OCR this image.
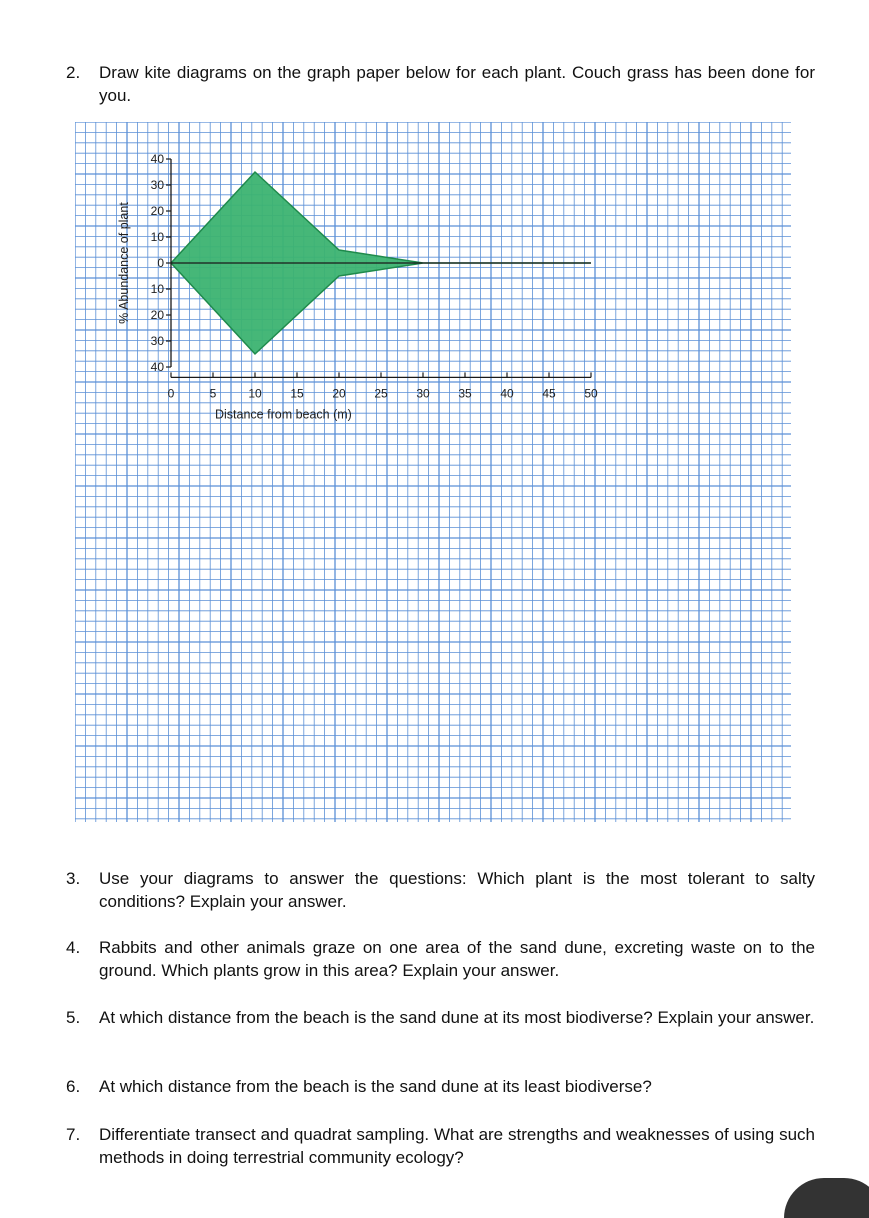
2. Draw kite diagrams on the graph paper below for each plant. Couch grass has been done for you.
40
30
20
10
0
10
20
30
40
% Abundance of plant
0	5	10 15 20 25 30 35 40 45 50
Distance from beach (m)
3. Use your diagrams to answer the questions: Which plant is the most tolerant to salty conditions? Explain your answer.
4. Rabbits and other animals graze on one area of the sand dune, excreting waste on to the ground. Which plants grow in this area? Explain your answer.
5. At which distance from the beach is the sand dune at its most biodiverse? Explain your answer.
6. At which distance from the beach is the sand dune at its least biodiverse?
7. Differentiate transect and quadrat sampling. What are strengths and weaknesses of using such methods in doing terrestrial community ecology?
